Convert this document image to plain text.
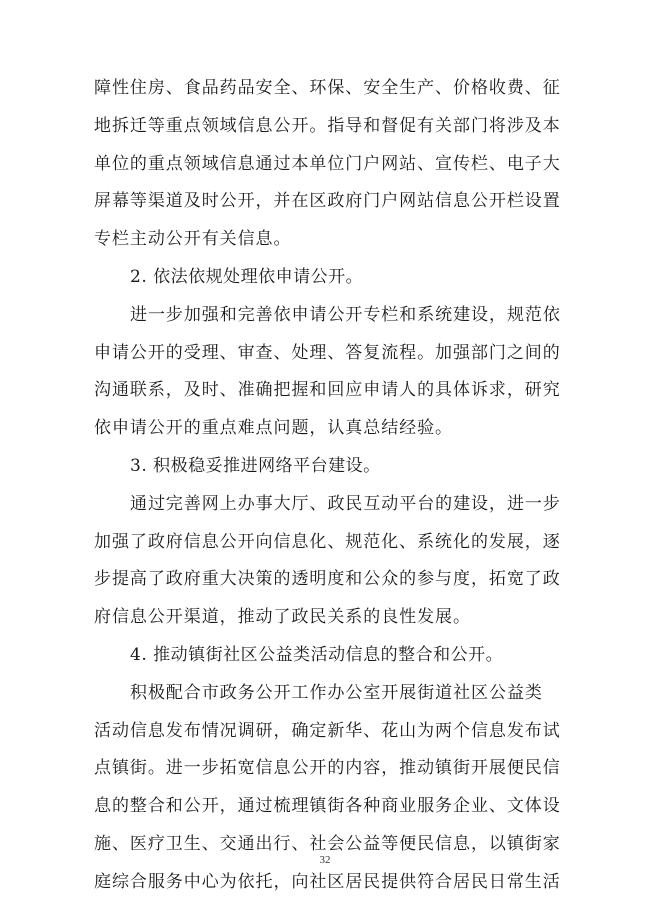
障性住房、食品药品安全、环保、安全生产、价格收费、征
地拆迁等重点领域信息公开。指导和督促有关部门将涉及本
单位的重点领域信息通过本单位门户网站、宣传栏、电子大
屏幕等渠道及时公开，并在区政府门户网站信息公开栏设置
专栏主动公开有关信息。
2. 依法依规处理依申请公开。
进一步加强和完善依申请公开专栏和系统建设，规范依
申请公开的受理、审查、处理、答复流程。加强部门之间的
沟通联系，及时、准确把握和回应申请人的具体诉求，研究
依申请公开的重点难点问题，认真总结经验。
3. 积极稳妥推进网络平台建设。
通过完善网上办事大厅、政民互动平台的建设，进一步
加强了政府信息公开向信息化、规范化、系统化的发展，逐
步提高了政府重大决策的透明度和公众的参与度，拓宽了政
府信息公开渠道，推动了政民关系的良性发展。
4. 推动镇街社区公益类活动信息的整合和公开。
积极配合市政务公开工作办公室开展街道社区公益类
活动信息发布情况调研，确定新华、花山为两个信息发布试
点镇街。进一步拓宽信息公开的内容，推动镇街开展便民信
息的整合和公开，通过梳理镇街各种商业服务企业、文体设
施、医疗卫生、交通出行、社会公益等便民信息，以镇街家
庭综合服务中心为依托，向社区居民提供符合居民日常生活
32
